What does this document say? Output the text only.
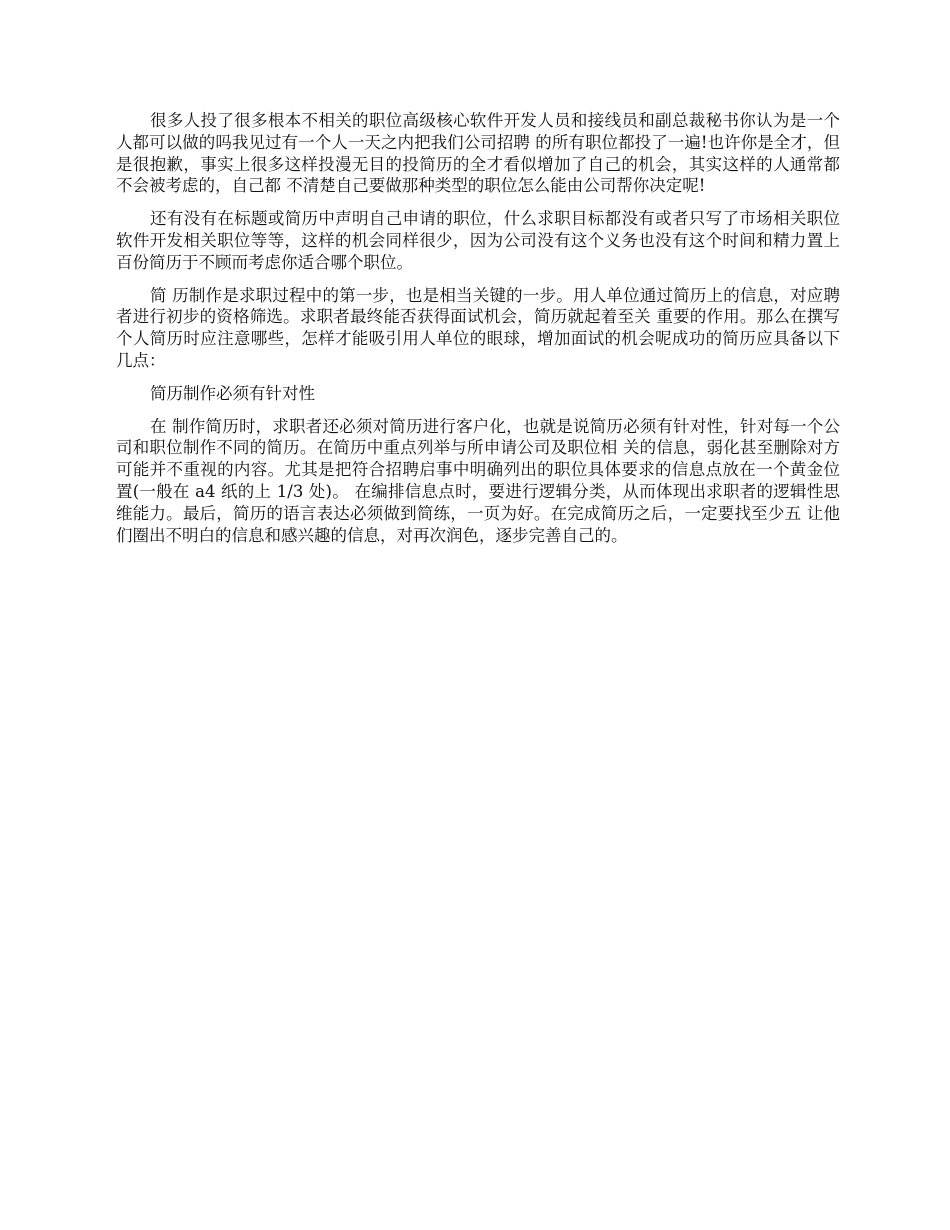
很多人投了很多根本不相关的职位高级核心软件开发人员和接线员和副总裁秘书你认为是一个人都可以做的吗我见过有一个人一天之内把我们公司招聘 的所有职位都投了一遍!也许你是全才，但是很抱歉，事实上很多这样投漫无目的投简历的全才看似增加了自己的机会，其实这样的人通常都不会被考虑的，自己都 不清楚自己要做那种类型的职位怎么能由公司帮你决定呢!

还有没有在标题或简历中声明自己申请的职位，什么求职目标都没有或者只写了市场相关职位软件开发相关职位等等，这样的机会同样很少，因为公司没有这个义务也没有这个时间和精力置上百份简历于不顾而考虑你适合哪个职位。

简 历制作是求职过程中的第一步，也是相当关键的一步。用人单位通过简历上的信息，对应聘者进行初步的资格筛选。求职者最终能否获得面试机会，简历就起着至关 重要的作用。那么在撰写个人简历时应注意哪些，怎样才能吸引用人单位的眼球，增加面试的机会呢成功的简历应具备以下几点：

简历制作必须有针对性

在 制作简历时，求职者还必须对简历进行客户化，也就是说简历必须有针对性，针对每一个公司和职位制作不同的简历。在简历中重点列举与所申请公司及职位相 关的信息，弱化甚至删除对方可能并不重视的内容。尤其是把符合招聘启事中明确列出的职位具体要求的信息点放在一个黄金位置(一般在 a4 纸的上 1/3 处)。 在编排信息点时，要进行逻辑分类，从而体现出求职者的逻辑性思维能力。最后，简历的语言表达必须做到简练，一页为好。在完成简历之后，一定要找至少五 让他们圈出不明白的信息和感兴趣的信息，对再次润色，逐步完善自己的。
